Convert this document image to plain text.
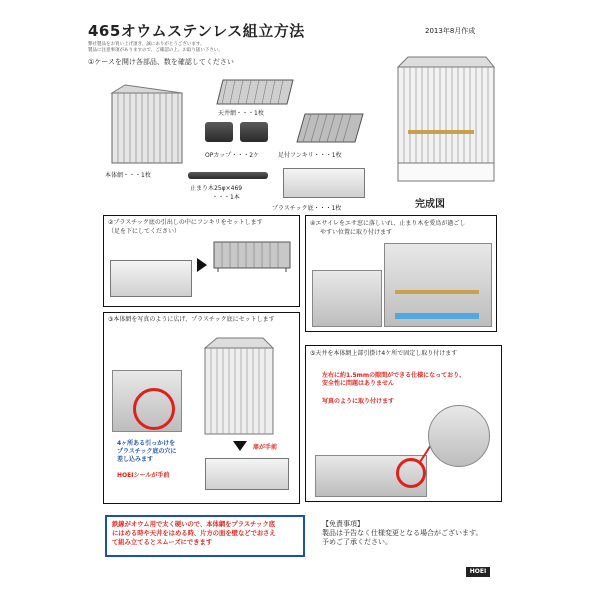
465オウムステンレス組立方法	2013年8月作成
弊社製品をお買い上げ頂き、誠にありがとうございます。
製品に注意事項がありますので、ご確認の上、お取り扱い下さい。
①ケースを開け各部品、数を確認してください
本体網・・・1枚
天井網・・・1枚
OPカップ・・・2ケ	足付フンキリ・・・1枚
止まり木25φ×469
・・・1本
プラスチック底・・・1枚	完成図
②プラスチック底の引出しの中にフンキリをセットします
（足を下にしてください）
④エサイレをエサ窓に落しいれ、止まり木を愛鳥が過ごし
やすい位置に取り付けます
③本体網を写真のように広げ、プラスチック底にセットします
4ヶ所ある引っかけを
プラスチック底の穴に
差し込みます
HOEIシールが手前
扉が手前
⑤天井を本体網上部引掛け4ケ所で固定し取り付けます
左右に約1.5mmの隙間ができる仕様になっており、
安全性に問題はありません
写真のように取り付けます
鉄線がオウム用で太く硬いので、本体網をプラスチック底
にはめる時や天井をはめる時、片方の面を壁などでおさえ
て組み立てるとスムーズにできます
【免責事項】
製品は予告なく仕様変更となる場合がございます。
予めご了承ください。
HOEI
